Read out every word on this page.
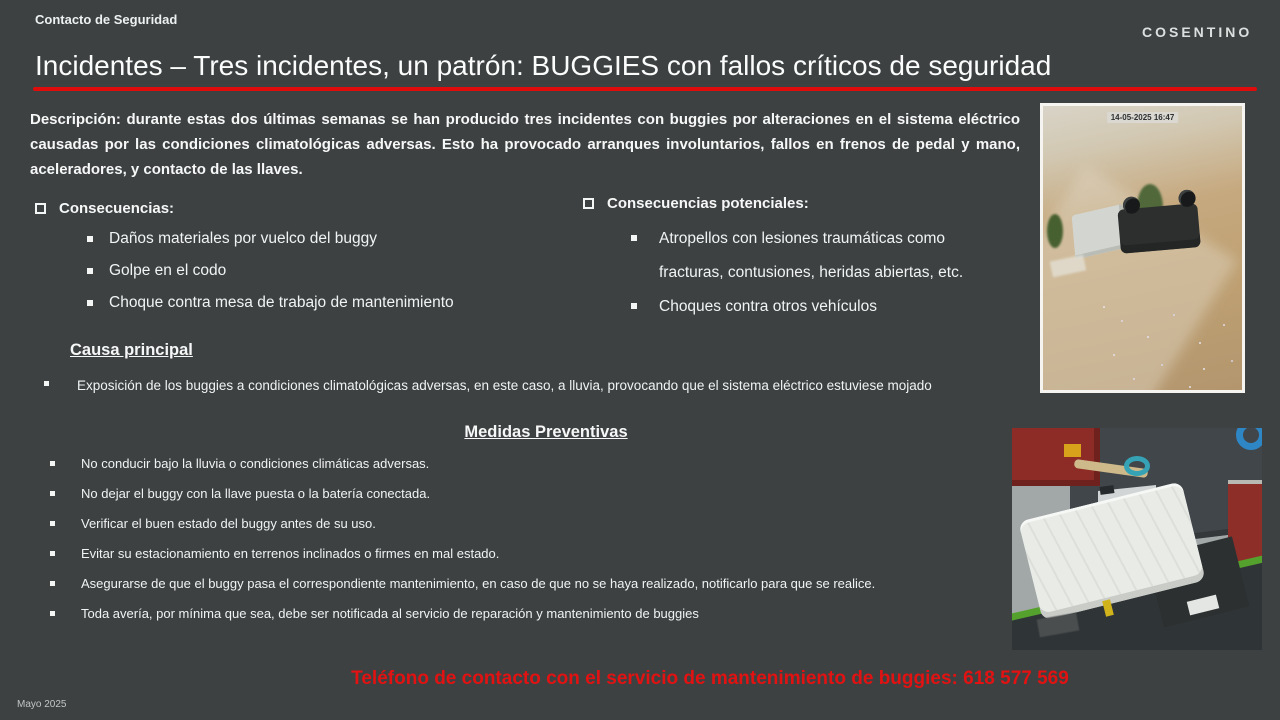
Contacto de Seguridad
COSENTINO
Incidentes – Tres incidentes, un patrón: BUGGIES con fallos críticos de seguridad
Descripción: durante estas dos últimas semanas se han producido tres incidentes con buggies por alteraciones en el sistema eléctrico causadas por las condiciones climatológicas adversas. Esto ha provocado arranques involuntarios, fallos en frenos de pedal y mano, aceleradores, y contacto de las llaves.
Consecuencias:
Daños materiales por vuelco del buggy
Golpe en el codo
Choque contra mesa de trabajo de mantenimiento
Consecuencias potenciales:
Atropellos con lesiones traumáticas como fracturas, contusiones, heridas abiertas, etc.
Choques contra otros vehículos
Causa principal
Exposición de los buggies a condiciones climatológicas adversas, en este caso, a lluvia, provocando que el sistema eléctrico estuviese mojado
Medidas Preventivas
No conducir bajo la lluvia o condiciones climáticas adversas.
No dejar el buggy con la llave puesta o la batería conectada.
Verificar el buen estado del buggy antes de su uso.
Evitar su estacionamiento en terrenos inclinados o firmes en mal estado.
Asegurarse de que el buggy pasa el correspondiente mantenimiento, en caso de que no se haya realizado, notificarlo para que se realice.
Toda avería, por mínima que sea, debe ser notificada al servicio de reparación y mantenimiento de buggies
Teléfono de contacto con el servicio de mantenimiento de buggies: 618 577 569
Mayo 2025
14-05-2025 16:47
